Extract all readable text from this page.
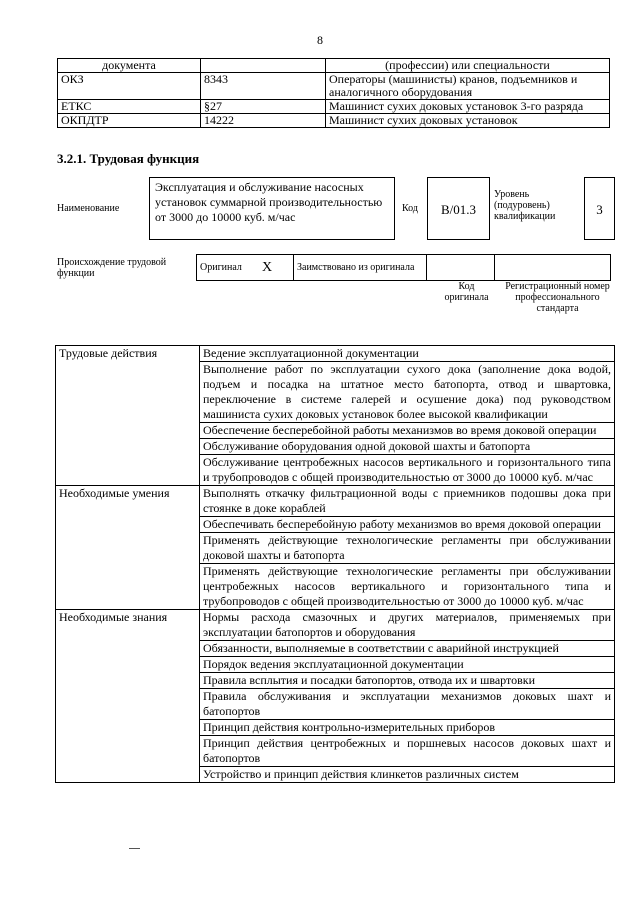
8
документа		(профессии) или специальности
ОКЗ	8343	Операторы (машинисты) кранов, подъемников и аналогичного оборудования
ЕТКС	§27	Машинист сухих доковых установок 3-го разряда
ОКПДТР	14222	Машинист сухих доковых установок
3.2.1. Трудовая функция
Наименование
Эксплуатация и обслуживание насосных установок суммарной производительностью от 3000 до 10000 куб. м/час
Код	В/01.3
Уровень (подуровень) квалификации	3
Происхождение трудовой функции
Оригинал	Х	Заимствовано из оригинала		
Код оригинала
Регистрационный номер профессионального стандарта
Трудовые действия	Ведение эксплуатационной документации
	Выполнение работ по эксплуатации сухого дока (заполнение дока водой, подъем и посадка на штатное место батопорта, отвод и швартовка, переключение в системе галерей и осушение дока) под руководством машиниста сухих доковых установок более высокой квалификации
	Обеспечение бесперебойной работы механизмов во время доковой операции
	Обслуживание оборудования одной доковой шахты и батопорта
	Обслуживание центробежных насосов вертикального и горизонтального типа и трубопроводов с общей производительностью от 3000 до 10000 куб. м/час
Необходимые умения	Выполнять откачку фильтрационной воды с приемников подошвы дока при стоянке в доке кораблей
	Обеспечивать бесперебойную работу механизмов во время доковой операции
	Применять действующие технологические регламенты при обслуживании доковой шахты и батопорта
	Применять действующие технологические регламенты при обслуживании центробежных насосов вертикального и горизонтального типа и трубопроводов с общей производительностью от 3000 до 10000 куб. м/час
Необходимые знания	Нормы расхода смазочных и других материалов, применяемых при эксплуатации батопортов и оборудования
	Обязанности, выполняемые в соответствии с аварийной инструкцией
	Порядок ведения эксплуатационной документации
	Правила всплытия и посадки батопортов, отвода их и швартовки
	Правила обслуживания и эксплуатации механизмов доковых шахт и батопортов
	Принцип действия контрольно-измерительных приборов
	Принцип действия центробежных и поршневых насосов доковых шахт и батопортов
	Устройство и принцип действия клинкетов различных систем
